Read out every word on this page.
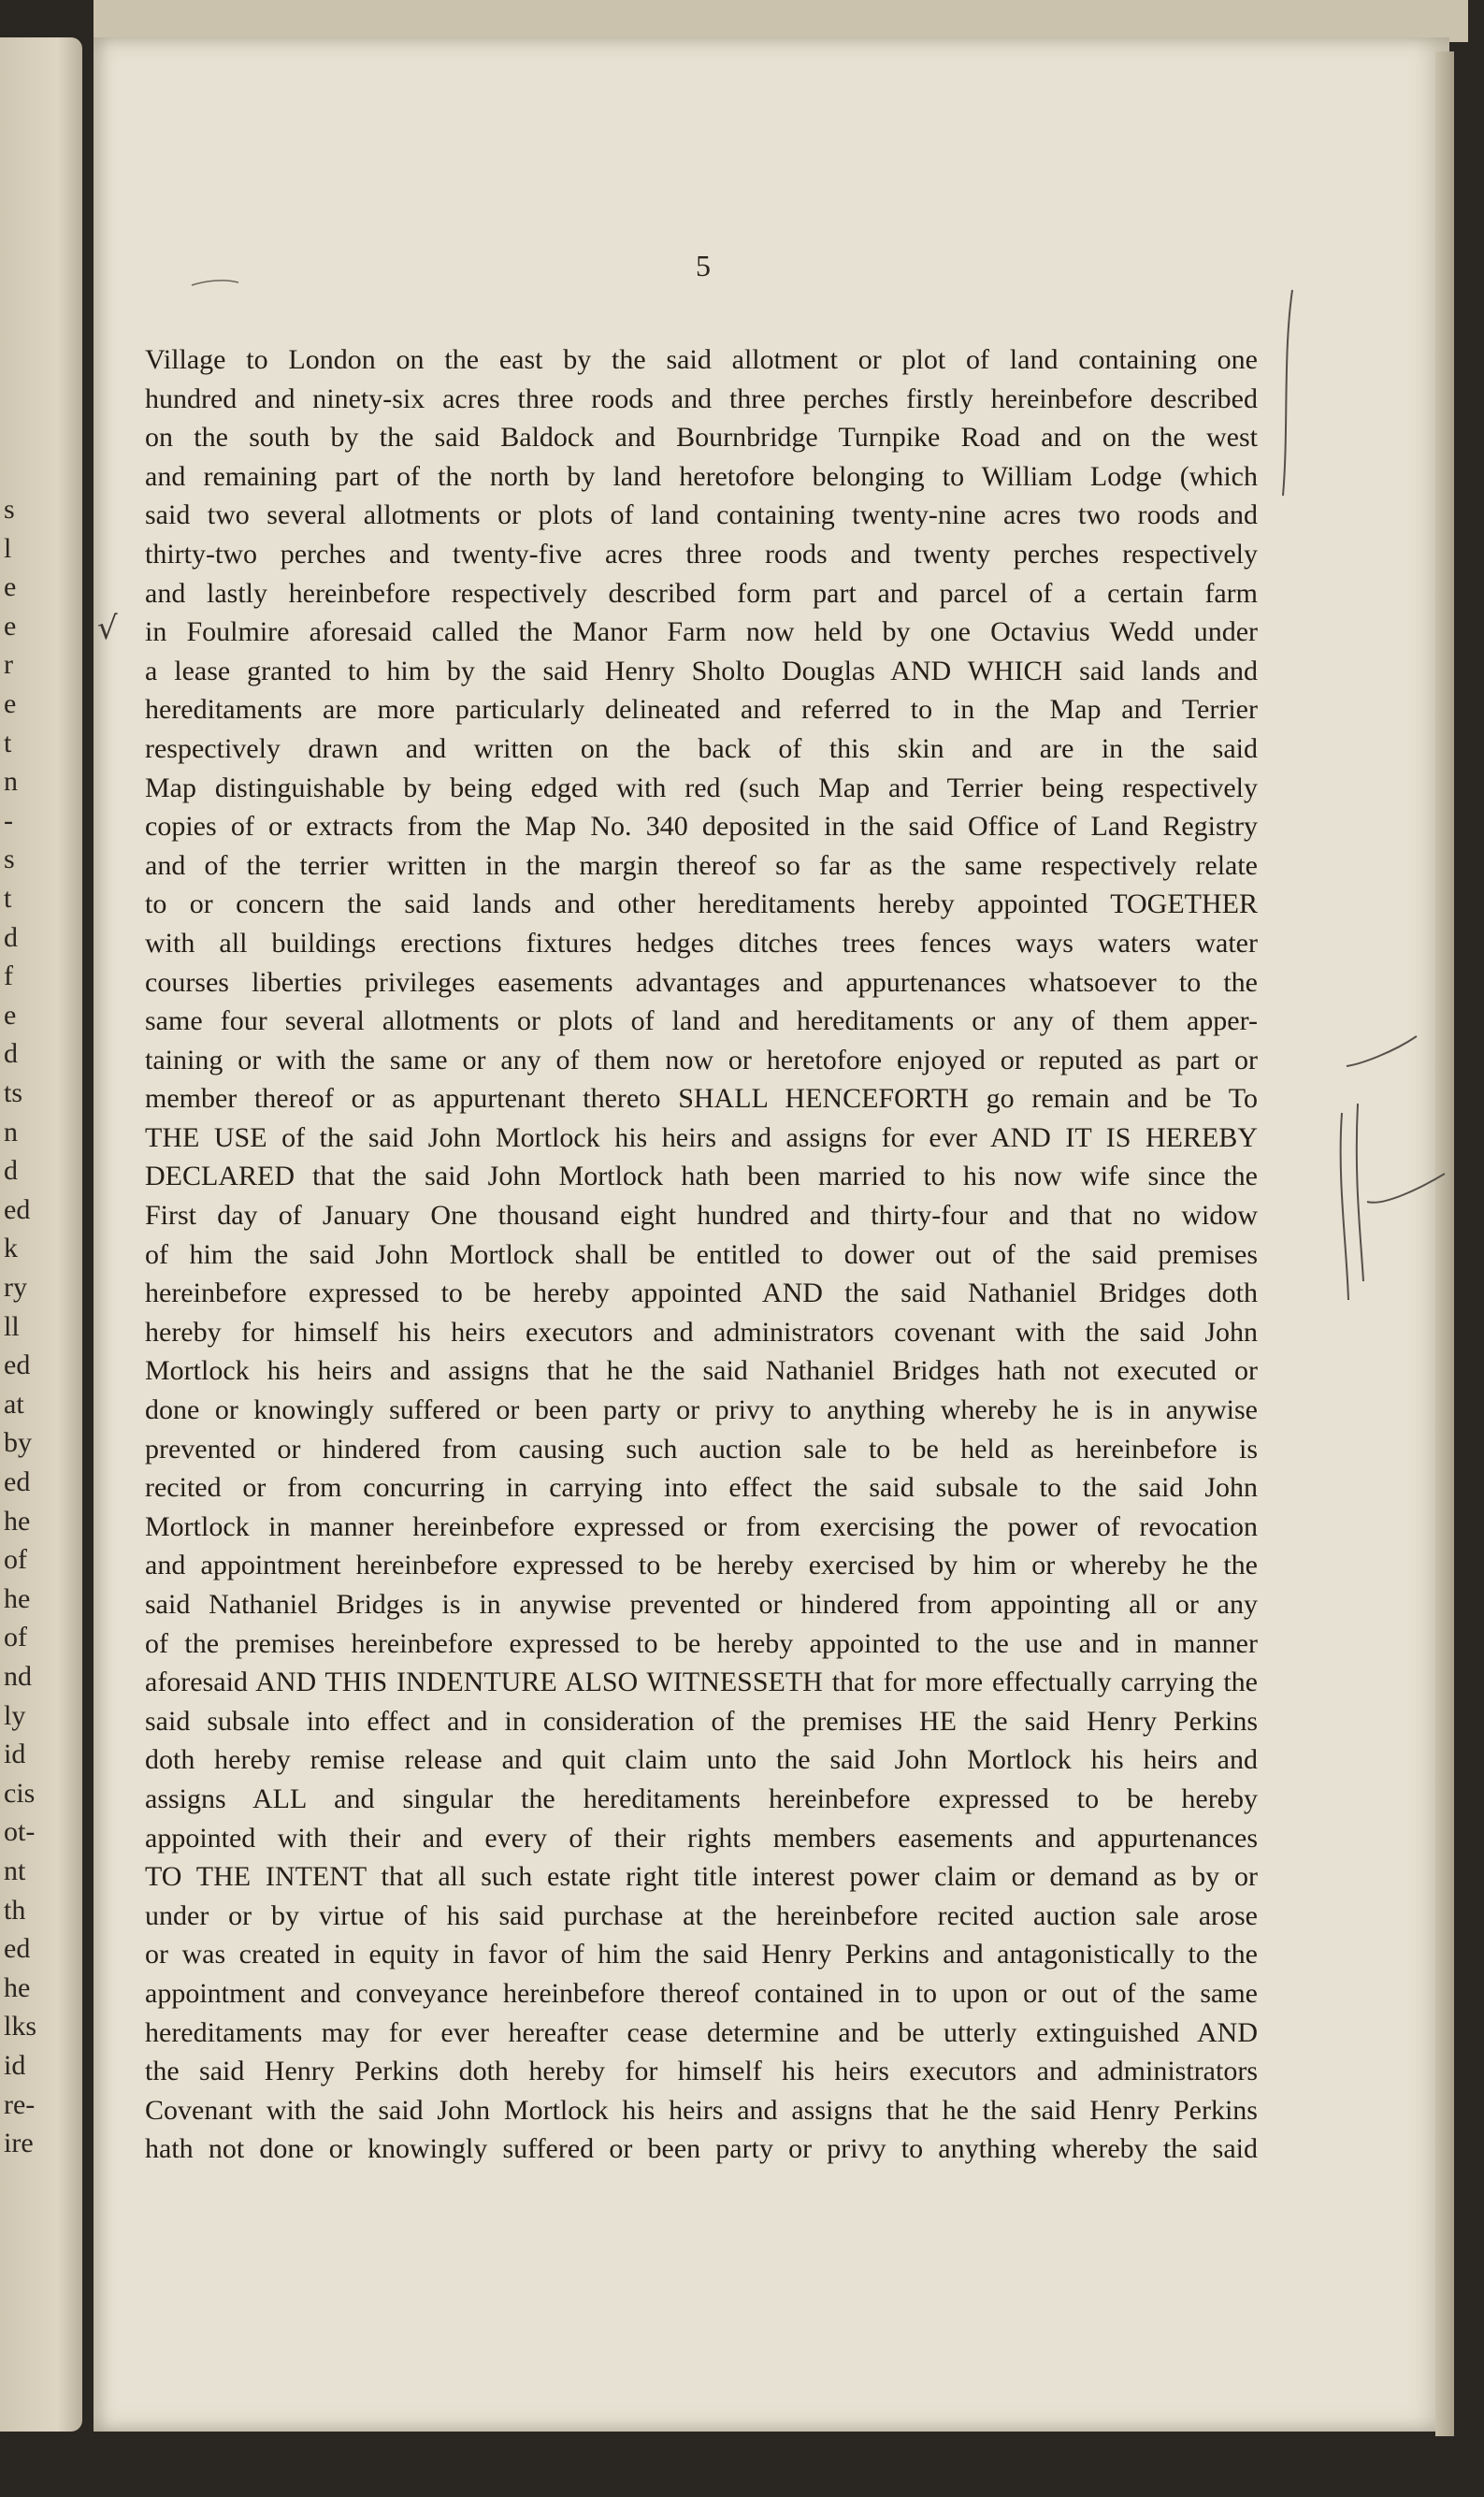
s
l
e
e
r
e
t
n
-
s
t
d
f
e
d
ts
n
d
ed
k
ry
ll
ed
at
by
ed
he
of
he
of
nd
ly
id
cis
ot-
nt
th
ed
he
lks
id
re-
ire
5
Village to London on the east by the said allotment or plot of land containing one
hundred and ninety-six acres three roods and three perches firstly hereinbefore described
on the south by the said Baldock and Bournbridge Turnpike Road and on the west
and remaining part of the north by land heretofore belonging to William Lodge (which
said two several allotments or plots of land containing twenty-nine acres two roods and
thirty-two perches and twenty-five acres three roods and twenty perches respectively
and lastly hereinbefore respectively described form part and parcel of a certain farm
in Foulmire aforesaid called the Manor Farm now held by one Octavius Wedd under
a lease granted to him by the said Henry Sholto Douglas AND WHICH said lands and
hereditaments are more particularly delineated and referred to in the Map and Terrier
respectively drawn and written on the back of this skin and are in the said
Map distinguishable by being edged with red (such Map and Terrier being respectively
copies of or extracts from the Map No. 340 deposited in the said Office of Land Registry
and of the terrier written in the margin thereof so far as the same respectively relate
to or concern the said lands and other hereditaments hereby appointed TOGETHER
with all buildings erections fixtures hedges ditches trees fences ways waters water
courses liberties privileges easements advantages and appurtenances whatsoever to the
same four several allotments or plots of land and hereditaments or any of them apper-
taining or with the same or any of them now or heretofore enjoyed or reputed as part or
member thereof or as appurtenant thereto SHALL HENCEFORTH go remain and be To
THE USE of the said John Mortlock his heirs and assigns for ever AND IT IS HEREBY
DECLARED that the said John Mortlock hath been married to his now wife since the
First day of January One thousand eight hundred and thirty-four and that no widow
of him the said John Mortlock shall be entitled to dower out of the said premises
hereinbefore expressed to be hereby appointed AND the said Nathaniel Bridges doth
hereby for himself his heirs executors and administrators covenant with the said John
Mortlock his heirs and assigns that he the said Nathaniel Bridges hath not executed or
done or knowingly suffered or been party or privy to anything whereby he is in anywise
prevented or hindered from causing such auction sale to be held as hereinbefore is
recited or from concurring in carrying into effect the said subsale to the said John
Mortlock in manner hereinbefore expressed or from exercising the power of revocation
and appointment hereinbefore expressed to be hereby exercised by him or whereby he the
said Nathaniel Bridges is in anywise prevented or hindered from appointing all or any
of the premises hereinbefore expressed to be hereby appointed to the use and in manner
aforesaid AND THIS INDENTURE ALSO WITNESSETH that for more effectually carrying the
said subsale into effect and in consideration of the premises HE the said Henry Perkins
doth hereby remise release and quit claim unto the said John Mortlock his heirs and
assigns ALL and singular the hereditaments hereinbefore expressed to be hereby
appointed with their and every of their rights members easements and appurtenances
TO THE INTENT that all such estate right title interest power claim or demand as by or
under or by virtue of his said purchase at the hereinbefore recited auction sale arose
or was created in equity in favor of him the said Henry Perkins and antagonistically to the
appointment and conveyance hereinbefore thereof contained in to upon or out of the same
hereditaments may for ever hereafter cease determine and be utterly extinguished AND
the said Henry Perkins doth hereby for himself his heirs executors and administrators
Covenant with the said John Mortlock his heirs and assigns that he the said Henry Perkins
hath not done or knowingly suffered or been party or privy to anything whereby the said
√
